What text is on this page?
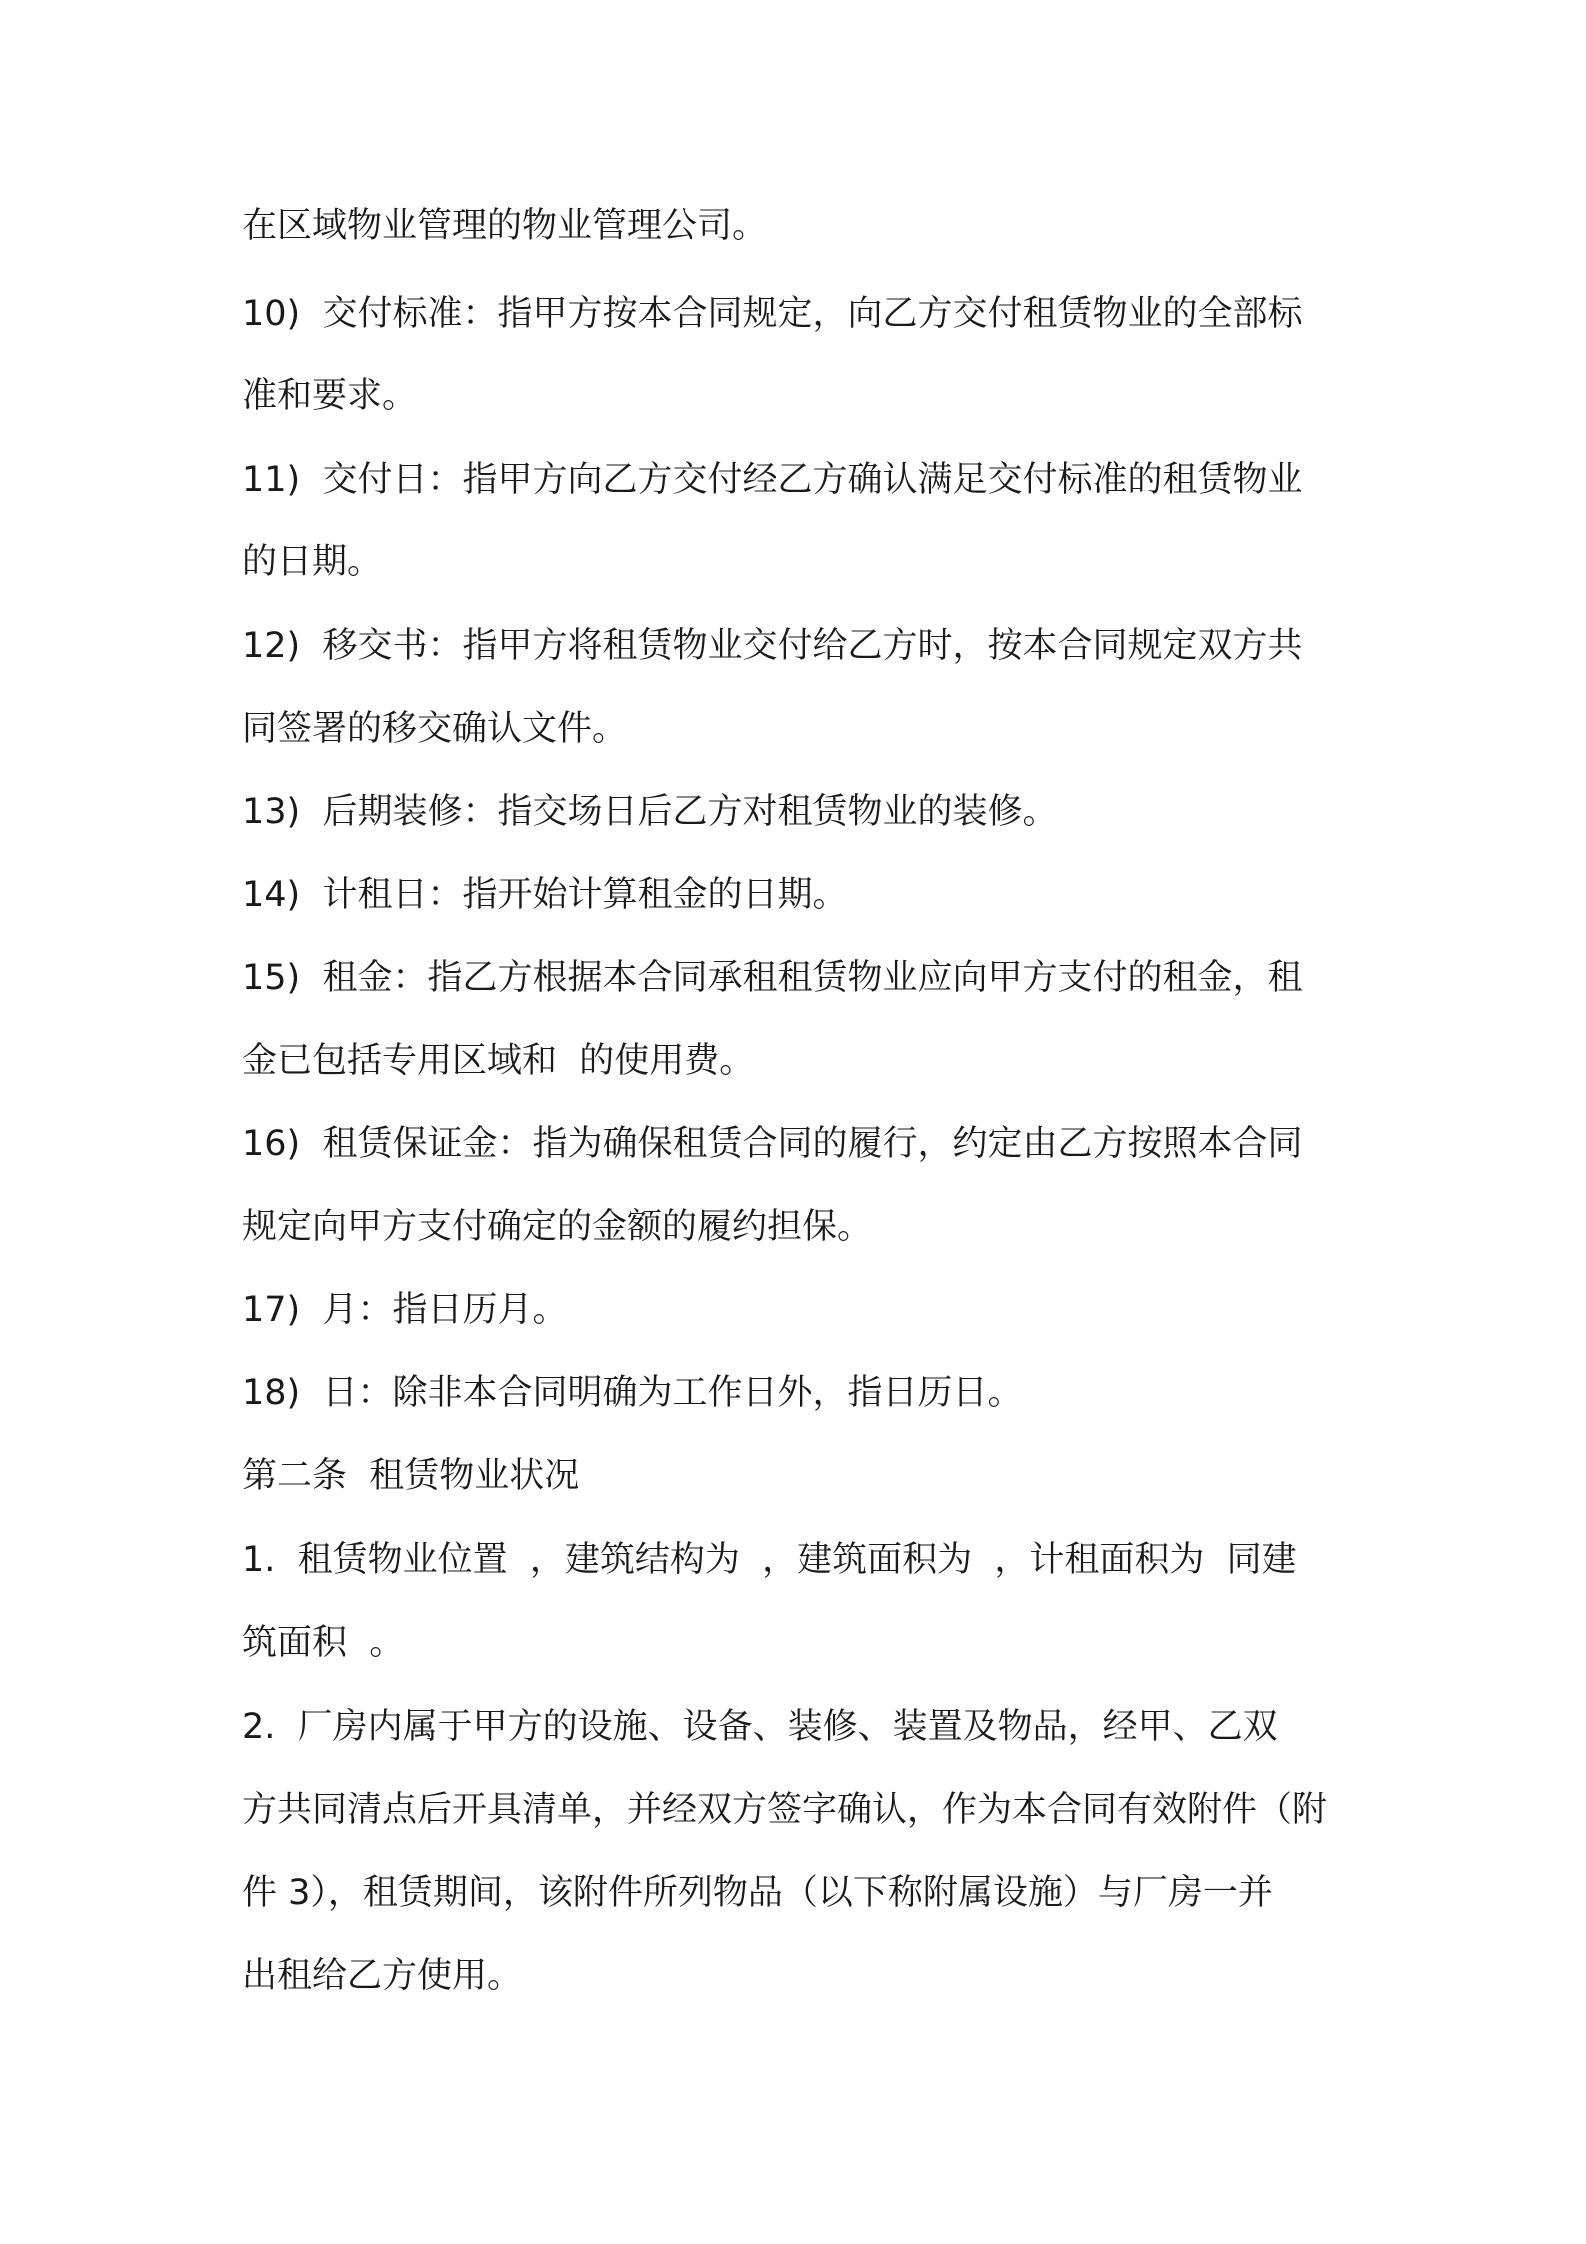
在区域物业管理的物业管理公司。

10)  交付标准：指甲方按本合同规定，向乙方交付租赁物业的全部标

准和要求。

11)  交付日：指甲方向乙方交付经乙方确认满足交付标准的租赁物业

的日期。

12)  移交书：指甲方将租赁物业交付给乙方时，按本合同规定双方共

同签署的移交确认文件。

13)  后期装修：指交场日后乙方对租赁物业的装修。

14)  计租日：指开始计算租金的日期。

15)  租金：指乙方根据本合同承租租赁物业应向甲方支付的租金，租

金已包括专用区域和  的使用费。

16)  租赁保证金：指为确保租赁合同的履行，约定由乙方按照本合同

规定向甲方支付确定的金额的履约担保。

17)  月：指日历月。

18)  日：除非本合同明确为工作日外，指日历日。

第二条  租赁物业状况

1.  租赁物业位置  ，建筑结构为  ，建筑面积为  ，计租面积为  同建

筑面积  。

2.  厂房内属于甲方的设施、设备、装修、装置及物品，经甲、乙双

方共同清点后开具清单，并经双方签字确认，作为本合同有效附件（附

件 3），租赁期间，该附件所列物品（以下称附属设施）与厂房一并

出租给乙方使用。
